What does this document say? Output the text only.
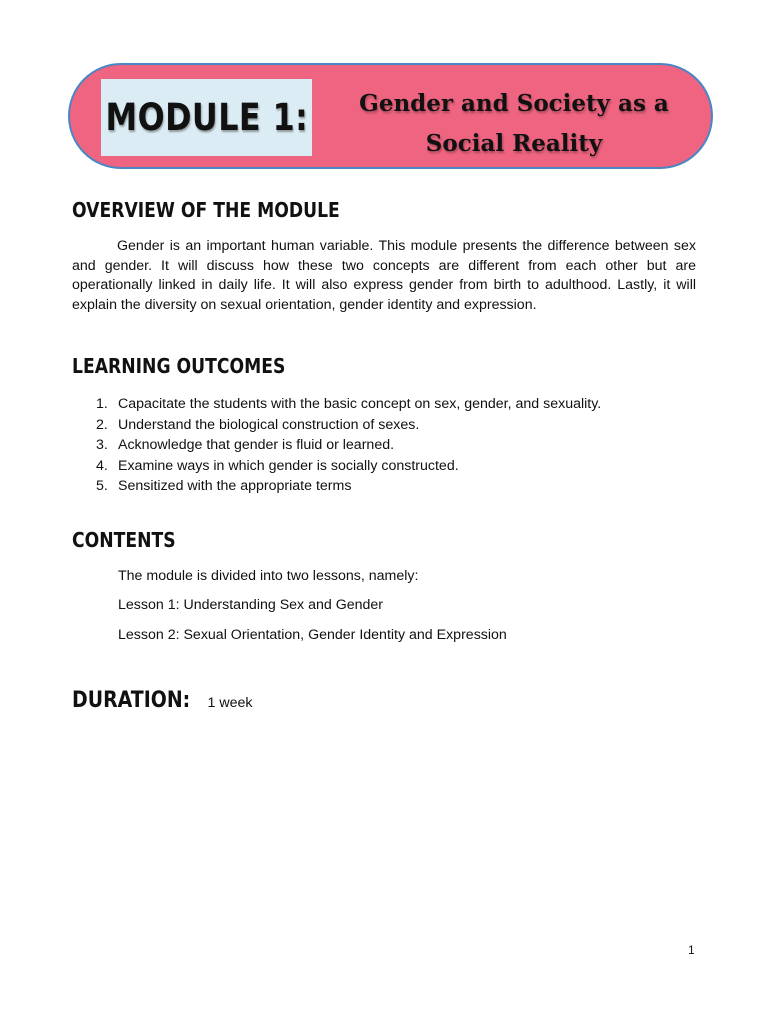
MODULE 1:	Gender and Society as a
Social Reality
OVERVIEW OF THE MODULE

Gender is an important human variable. This module presents the difference between sex and gender. It will discuss how these two concepts are different from each other but are operationally linked in daily life. It will also express gender from birth to adulthood. Lastly, it will explain the diversity on sexual orientation, gender identity and expression.

LEARNING OUTCOMES
1. Capacitate the students with the basic concept on sex, gender, and sexuality.
2. Understand the biological construction of sexes.
3. Acknowledge that gender is fluid or learned.
4. Examine ways in which gender is socially constructed.
5. Sensitized with the appropriate terms
CONTENTS

The module is divided into two lessons, namely:

Lesson 1: Understanding Sex and Gender

Lesson 2: Sexual Orientation, Gender Identity and Expression

DURATION: 1 week
1
